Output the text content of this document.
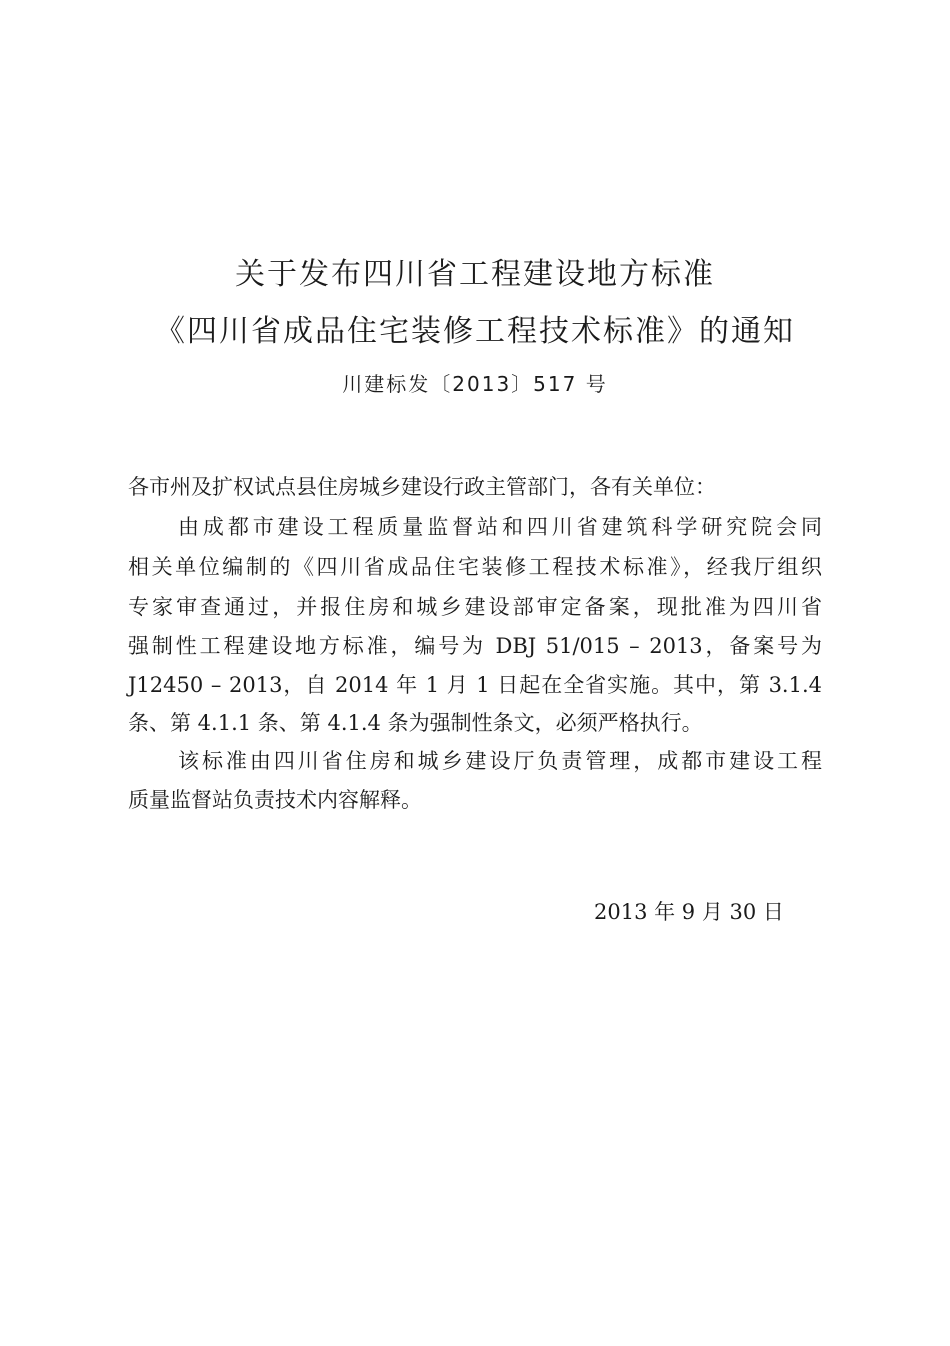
关于发布四川省工程建设地方标准
《四川省成品住宅装修工程技术标准》的通知
川建标发〔2013〕517 号
各市州及扩权试点县住房城乡建设行政主管部门，各有关单位：
由成都市建设工程质量监督站和四川省建筑科学研究院会同
相关单位编制的《四川省成品住宅装修工程技术标准》，经我厅组织
专家审查通过，并报住房和城乡建设部审定备案，现批准为四川省
强制性工程建设地方标准，编号为 DBJ 51/015 – 2013，备案号为
J12450 – 2013，自 2014 年 1 月 1 日起在全省实施。其中，第 3.1.4
条、第 4.1.1 条、第 4.1.4 条为强制性条文，必须严格执行。
该标准由四川省住房和城乡建设厅负责管理，成都市建设工程
质量监督站负责技术内容解释。
2013 年 9 月 30 日
